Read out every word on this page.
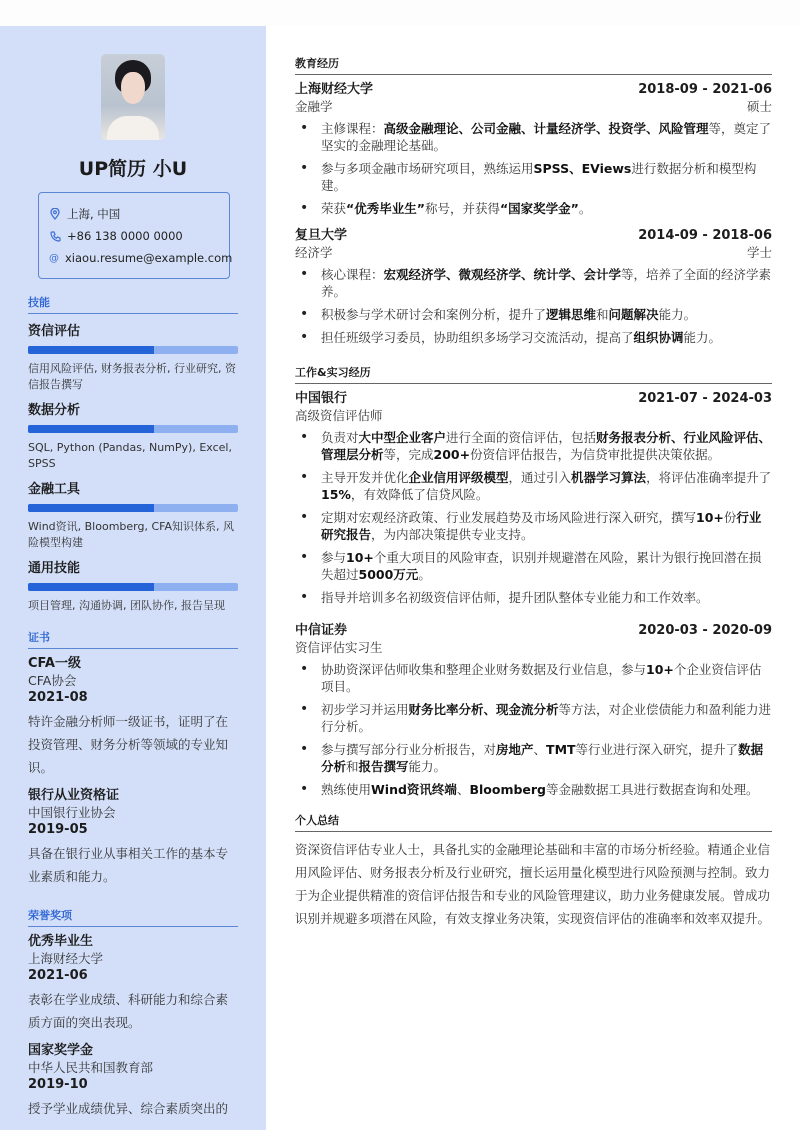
UP简历 小U
上海, 中国
+86 138 0000 0000
@ xiaou.resume@example.com
技能
资信评估
信用风险评估, 财务报表分析, 行业研究, 资信报告撰写
数据分析
SQL, Python (Pandas, NumPy), Excel, SPSS
金融工具
Wind资讯, Bloomberg, CFA知识体系, 风险模型构建
通用技能
项目管理, 沟通协调, 团队协作, 报告呈现
证书
CFA一级
CFA协会
2021-08
特许金融分析师一级证书，证明了在投资管理、财务分析等领域的专业知识。
银行从业资格证
中国银行业协会
2019-05
具备在银行业从事相关工作的基本专业素质和能力。
荣誉奖项
优秀毕业生
上海财经大学
2021-06
表彰在学业成绩、科研能力和综合素质方面的突出表现。
国家奖学金
中华人民共和国教育部
2019-10
授予学业成绩优异、综合素质突出的
教育经历
上海财经大学	2018-09 - 2021-06
金融学	硕士
• 主修课程：高级金融理论、公司金融、计量经济学、投资学、风险管理等，奠定了坚实的金融理论基础。
• 参与多项金融市场研究项目，熟练运用SPSS、EViews进行数据分析和模型构建。
• 荣获“优秀毕业生”称号，并获得“国家奖学金”。
复旦大学	2014-09 - 2018-06
经济学	学士
• 核心课程：宏观经济学、微观经济学、统计学、会计学等，培养了全面的经济学素养。
• 积极参与学术研讨会和案例分析，提升了逻辑思维和问题解决能力。
• 担任班级学习委员，协助组织多场学习交流活动，提高了组织协调能力。
工作&实习经历
中国银行	2021-07 - 2024-03
高级资信评估师
• 负责对大中型企业客户进行全面的资信评估，包括财务报表分析、行业风险评估、管理层分析等，完成200+份资信评估报告，为信贷审批提供决策依据。
• 主导开发并优化企业信用评级模型，通过引入机器学习算法，将评估准确率提升了15%，有效降低了信贷风险。
• 定期对宏观经济政策、行业发展趋势及市场风险进行深入研究，撰写10+份行业研究报告，为内部决策提供专业支持。
• 参与10+个重大项目的风险审查，识别并规避潜在风险，累计为银行挽回潜在损失超过5000万元。
• 指导并培训多名初级资信评估师，提升团队整体专业能力和工作效率。
中信证券	2020-03 - 2020-09
资信评估实习生
• 协助资深评估师收集和整理企业财务数据及行业信息，参与10+个企业资信评估项目。
• 初步学习并运用财务比率分析、现金流分析等方法，对企业偿债能力和盈利能力进行分析。
• 参与撰写部分行业分析报告，对房地产、TMT等行业进行深入研究，提升了数据分析和报告撰写能力。
• 熟练使用Wind资讯终端、Bloomberg等金融数据工具进行数据查询和处理。
个人总结

资深资信评估专业人士，具备扎实的金融理论基础和丰富的市场分析经验。精通企业信用风险评估、财务报表分析及行业研究，擅长运用量化模型进行风险预测与控制。致力于为企业提供精准的资信评估报告和专业的风险管理建议，助力业务健康发展。曾成功识别并规避多项潜在风险，有效支撑业务决策，实现资信评估的准确率和效率双提升。
